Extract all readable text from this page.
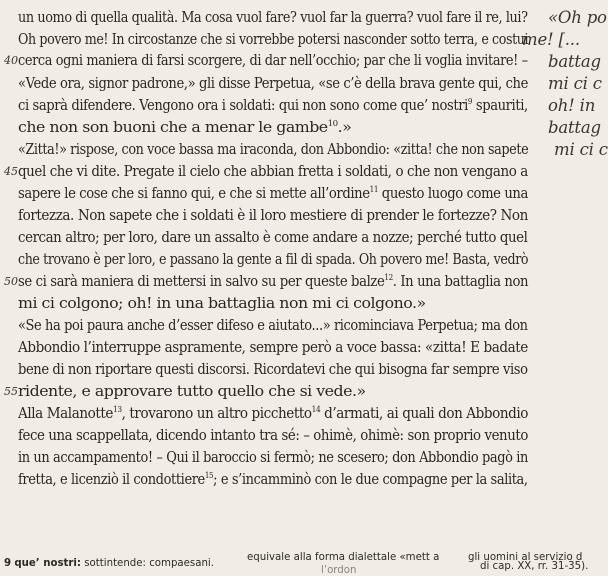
un uomo di quella qualità. Ma cosa vuol fare? vuol far la guerra? vuol fare il re, lui?
Oh povero me! In circostanze che si vorrebbe potersi nasconder sotto terra, e costui
40 cerca ogni maniera di farsi scorgere, di dar nell’occhio; par che li voglia invitare! –
«Vede ora, signor padrone,» gli disse Perpetua, «se c’è della brava gente qui, che
ci saprà difendere. Vengono ora i soldati: qui non sono come que’ nostri$^9$ spauriti,
che non son buoni che a menar le gambe$^{10}$.»
«Zitta!» rispose, con voce bassa ma iraconda, don Abbondio: «zitta! che non sapete
45 quel che vi dite. Pregate il cielo che abbian fretta i soldati, o che non vengano a
sapere le cose che si fanno qui, e che si mette all’ordine$^{11}$ questo luogo come una
fortezza. Non sapete che i soldati è il loro mestiere di prender le fortezze? Non
cercan altro; per loro, dare un assalto è come andare a nozze; perché tutto quel
che trovano è per loro, e passano la gente a fil di spada. Oh povero me! Basta, vedrò
50 se ci sarà maniera di mettersi in salvo su per queste balze$^{12}$. In una battaglia non
mi ci colgono; oh! in una battaglia non mi ci colgono.»
«Se ha poi paura anche d’esser difeso e aiutato...» ricominciava Perpetua; ma don
Abbondio l’interruppe aspramente, sempre però a voce bassa: «zitta! E badate
bene di non riportare questi discorsi. Ricordatevi che qui bisogna far sempre viso
55 ridente, e approvare tutto quello che si vede.»
Alla Malanotte$^{13}$, trovarono un altro picchetto$^{14}$ d’armati, ai quali don Abbondio
fece una scappellata, dicendo intanto tra sé: – ohimè, ohimè: son proprio venuto
in un accampamento! – Qui il baroccio si fermò; ne scesero; don Abbondio pagò in
fretta, e licenziò il condottiere$^{15}$; e s’incamminò con le due compagne per la salita,
«Oh po
me! [...
battag
mi ci c
oh! in
battag
mi ci c
9 que’ nostri: sottintende: compaesani.
equivale alla forma dialettale «mett a
l’ordon
gli uomini al servizio d
di cap. XX, rr. 31-35).
